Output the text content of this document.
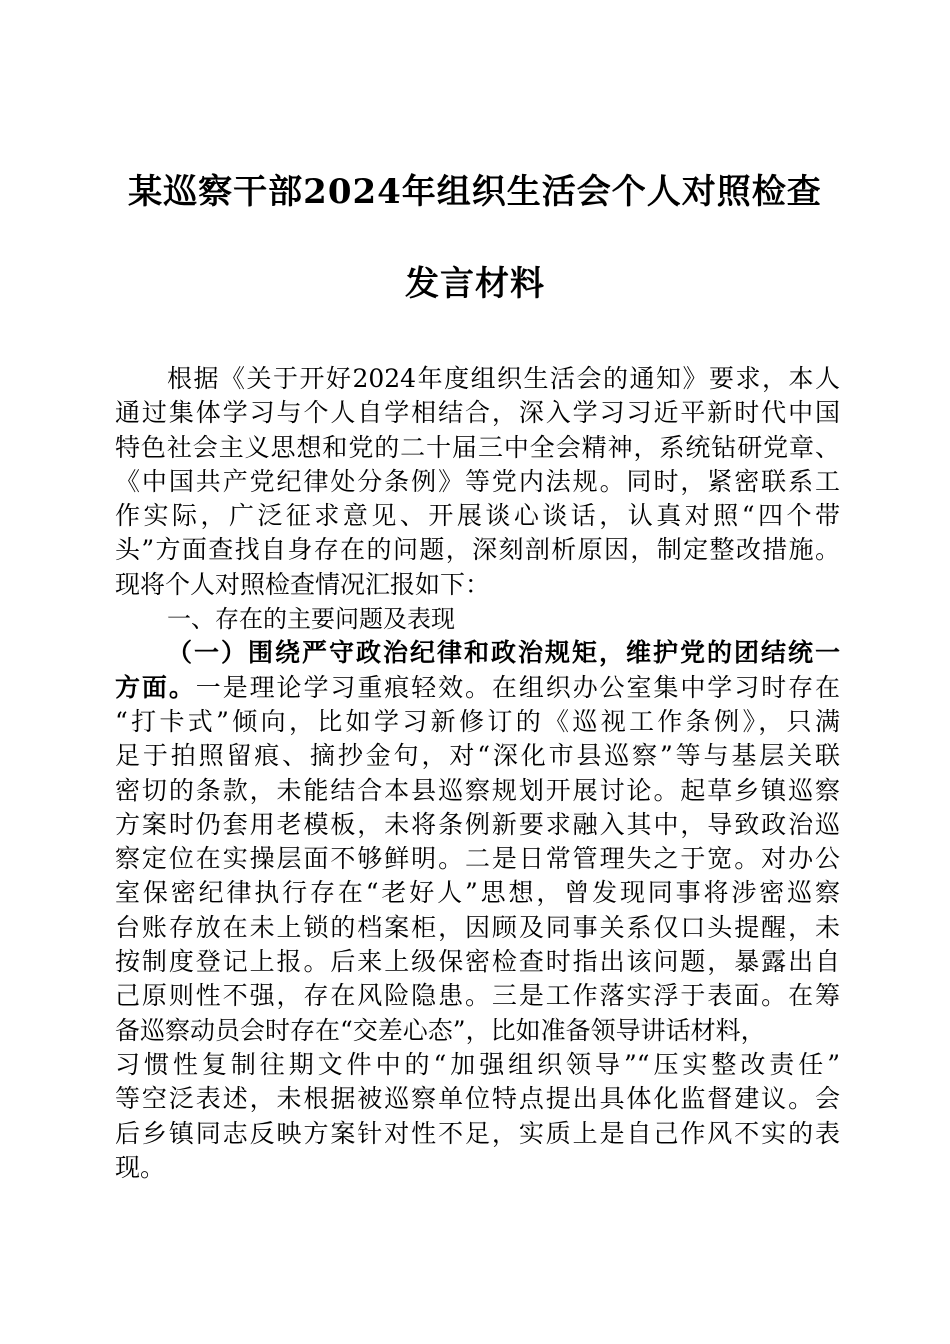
某巡察干部2024年组织生活会个人对照检查
发言材料
根据《关于开好2024年度组织生活会的通知》要求，本人
通过集体学习与个人自学相结合，深入学习习近平新时代中国
特色社会主义思想和党的二十届三中全会精神，系统钻研党章、
《中国共产党纪律处分条例》等党内法规。同时，紧密联系工
作实际，广泛征求意见、开展谈心谈话，认真对照“四个带
头”方面查找自身存在的问题，深刻剖析原因，制定整改措施。
现将个人对照检查情况汇报如下：
一、存在的主要问题及表现
（一）围绕严守政治纪律和政治规矩，维护党的团结统一
方面。一是理论学习重痕轻效。在组织办公室集中学习时存在
“打卡式”倾向，比如学习新修订的《巡视工作条例》，只满
足于拍照留痕、摘抄金句，对“深化市县巡察”等与基层关联
密切的条款，未能结合本县巡察规划开展讨论。起草乡镇巡察
方案时仍套用老模板，未将条例新要求融入其中，导致政治巡
察定位在实操层面不够鲜明。二是日常管理失之于宽。对办公
室保密纪律执行存在“老好人”思想，曾发现同事将涉密巡察
台账存放在未上锁的档案柜，因顾及同事关系仅口头提醒，未
按制度登记上报。后来上级保密检查时指出该问题，暴露出自
己原则性不强，存在风险隐患。三是工作落实浮于表面。在筹
备巡察动员会时存在“交差心态”，比如准备领导讲话材料，
习惯性复制往期文件中的“加强组织领导”“压实整改责任”
等空泛表述，未根据被巡察单位特点提出具体化监督建议。会
后乡镇同志反映方案针对性不足，实质上是自己作风不实的表
现。
